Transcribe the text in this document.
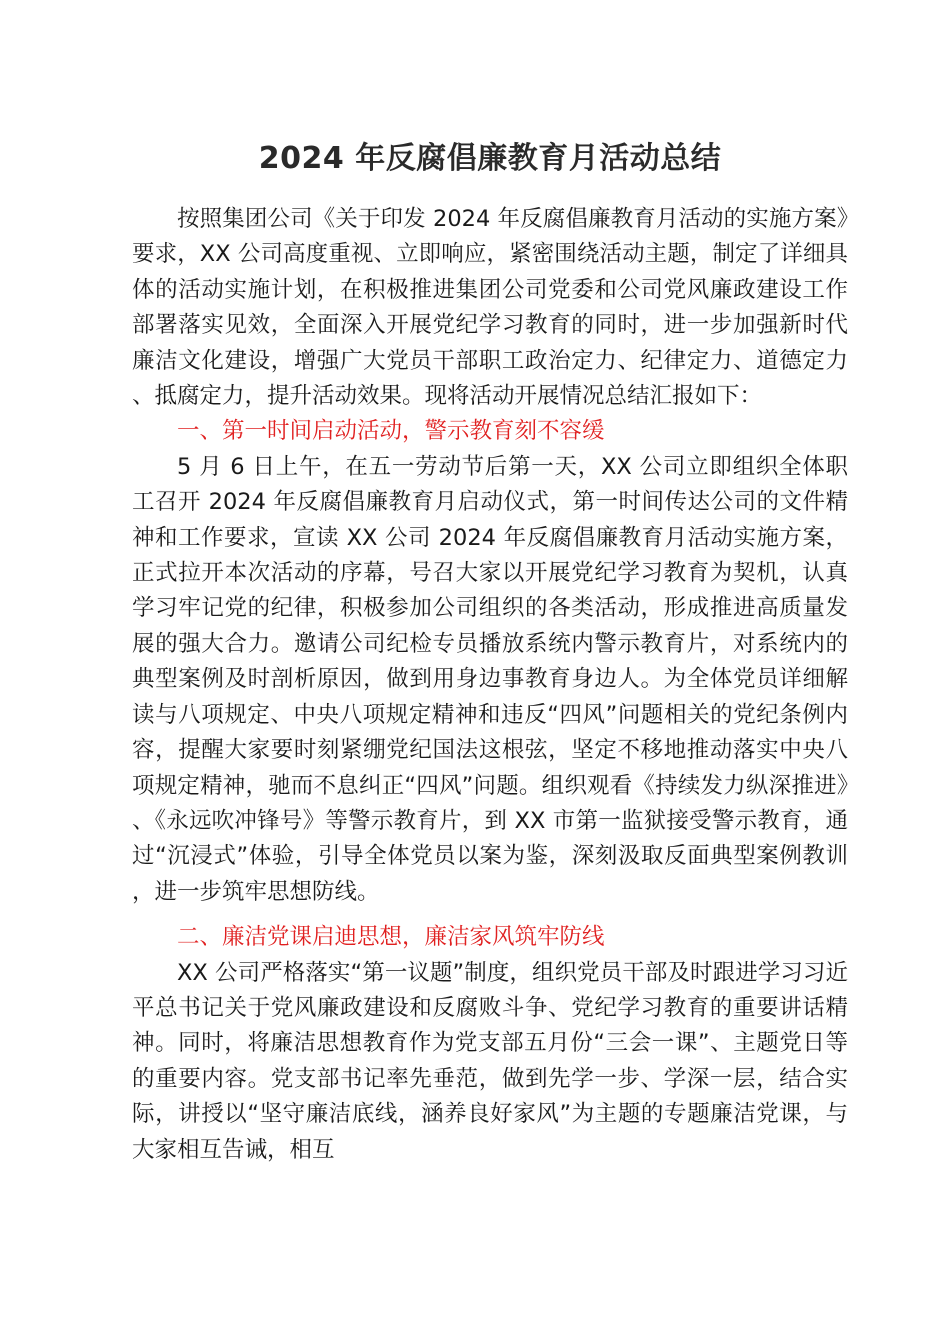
2024 年反腐倡廉教育月活动总结

按照集团公司《关于印发 2024 年反腐倡廉教育月活动的实施方案》要求，XX 公司高度重视、立即响应，紧密围绕活动主题，制定了详细具体的活动实施计划，在积极推进集团公司党委和公司党风廉政建设工作部署落实见效，全面深入开展党纪学习教育的同时，进一步加强新时代廉洁文化建设，增强广大党员干部职工政治定力、纪律定力、道德定力、抵腐定力，提升活动效果。现将活动开展情况总结汇报如下：

一、第一时间启动活动，警示教育刻不容缓

5 月 6 日上午，在五一劳动节后第一天，XX 公司立即组织全体职工召开 2024 年反腐倡廉教育月启动仪式，第一时间传达公司的文件精神和工作要求，宣读 XX 公司 2024 年反腐倡廉教育月活动实施方案，正式拉开本次活动的序幕，号召大家以开展党纪学习教育为契机，认真学习牢记党的纪律，积极参加公司组织的各类活动，形成推进高质量发展的强大合力。邀请公司纪检专员播放系统内警示教育片，对系统内的典型案例及时剖析原因，做到用身边事教育身边人。为全体党员详细解读与八项规定、中央八项规定精神和违反“四风”问题相关的党纪条例内容，提醒大家要时刻紧绷党纪国法这根弦，坚定不移地推动落实中央八项规定精神，驰而不息纠正“四风”问题。组织观看《持续发力纵深推进》、《永远吹冲锋号》等警示教育片，到 XX 市第一监狱接受警示教育，通过“沉浸式”体验，引导全体党员以案为鉴，深刻汲取反面典型案例教训，进一步筑牢思想防线。

二、廉洁党课启迪思想，廉洁家风筑牢防线

XX 公司严格落实“第一议题”制度，组织党员干部及时跟进学习习近平总书记关于党风廉政建设和反腐败斗争、党纪学习教育的重要讲话精神。同时，将廉洁思想教育作为党支部五月份“三会一课”、主题党日等的重要内容。党支部书记率先垂范，做到先学一步、学深一层，结合实际，讲授以“坚守廉洁底线，涵养良好家风”为主题的专题廉洁党课，与大家相互告诫，相互
